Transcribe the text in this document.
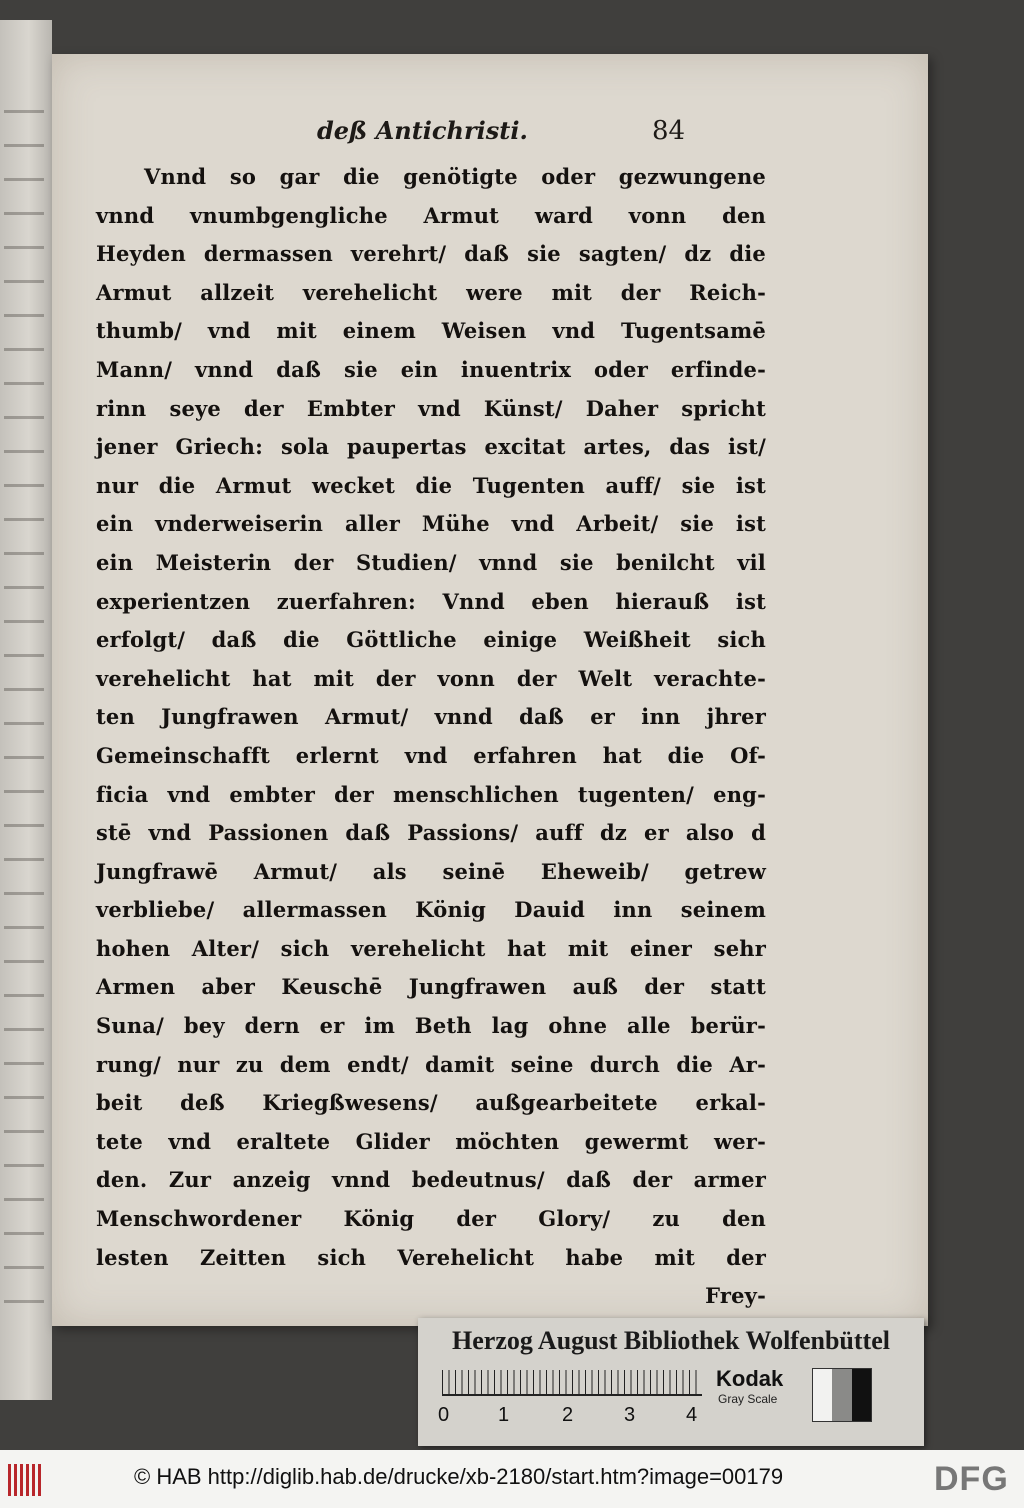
deß Antichristi.	84
Vnnd so gar die genötigte oder gezwungene
vnnd vnumbgengliche Armut ward vonn den
Heyden dermassen verehrt/ daß sie sagten/ dz die
Armut allzeit verehelicht were mit der Reich-
thumb/ vnd mit einem Weisen vnd Tugentsamē
Mann/ vnnd daß sie ein inuentrix oder erfinde-
rinn seye der Embter vnd Künst/ Daher spricht
jener Griech: sola paupertas excitat artes, das ist/
nur die Armut wecket die Tugenten auff/ sie ist
ein vnderweiserin aller Mühe vnd Arbeit/ sie ist
ein Meisterin der Studien/ vnnd sie benilcht vil
experientzen zuerfahren: Vnnd eben hierauß ist
erfolgt/ daß die Göttliche einige Weißheit sich
verehelicht hat mit der vonn der Welt verachte-
ten Jungfrawen Armut/ vnnd daß er inn jhrer
Gemeinschafft erlernt vnd erfahren hat die Of-
ficia vnd embter der menschlichen tugenten/ eng-
stē vnd Passionen daß Passions/ auff dz er also d
Jungfrawē Armut/ als seinē Eheweib/ getrew
verbliebe/ allermassen König Dauid inn seinem
hohen Alter/ sich verehelicht hat mit einer sehr
Armen aber Keuschē Jungfrawen auß der statt
Suna/ bey dern er im Beth lag ohne alle berür-
rung/ nur zu dem endt/ damit seine durch die Ar-
beit deß Kriegßwesens/ außgearbeitete erkal-
tete vnd eraltete Glider möchten gewermt wer-
den. Zur anzeig vnnd bedeutnus/ daß der armer
Menschwordener König der Glory/ zu den
lesten Zeitten sich Verehelicht habe mit der
Frey-
Herzog August Bibliothek Wolfenbüttel
0 1	2	3	4
Kodak
Gray Scale
© HAB http://diglib.hab.de/drucke/xb-2180/start.htm?image=00179	DFG
